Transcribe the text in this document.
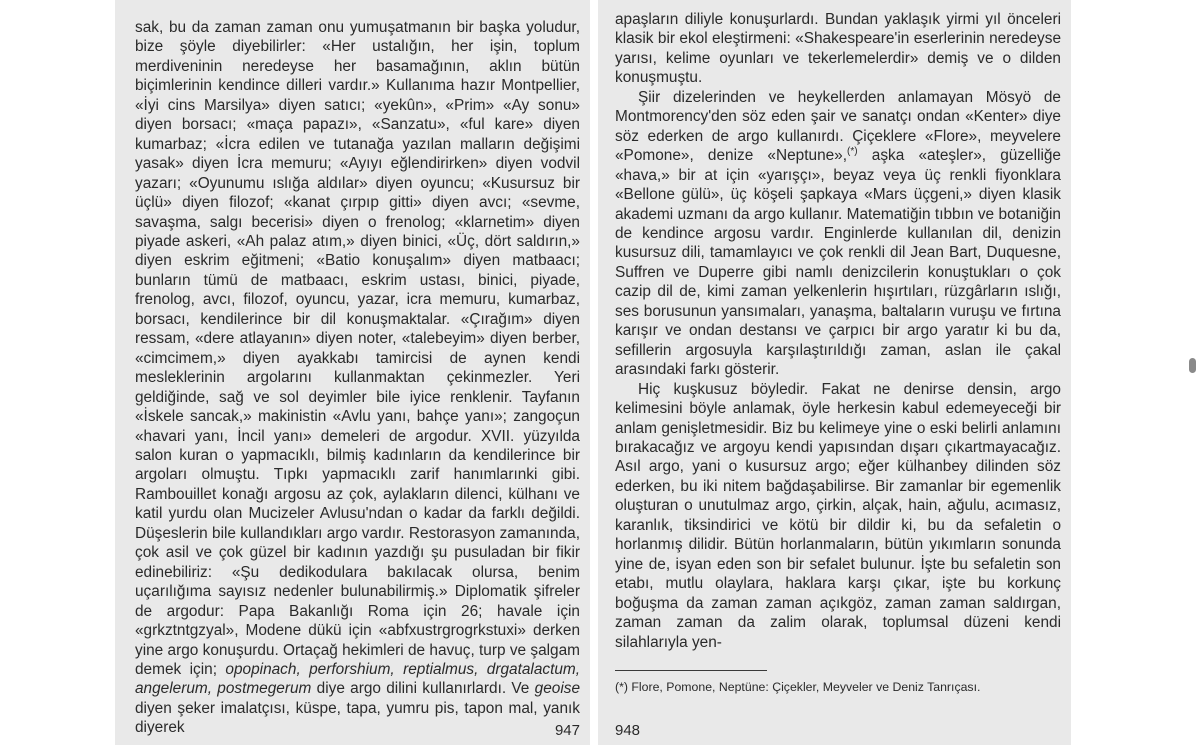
sak, bu da zaman zaman onu yumuşatmanın bir başka yoludur, bize şöyle diyebilirler: «Her ustalığın, her işin, toplum merdiveninin neredeyse her basamağının, aklın bütün biçimlerinin kendince dilleri vardır.» Kullanıma hazır Montpellier, «İyi cins Marsilya» diyen satıcı; «yekûn», «Prim» «Ay sonu» diyen borsacı; «maça papazı», «Sanzatu», «ful kare» diyen kumarbaz; «İcra edilen ve tutanağa yazılan malların değişimi yasak» diyen İcra memuru; «Ayıyı eğlendirirken» diyen vodvil yazarı; «Oyunumu ıslığa aldılar» diyen oyuncu; «Kusursuz bir üçlü» diyen filozof; «kanat çırpıp gitti» diyen avcı; «sevme, savaşma, salgı becerisi» diyen o frenolog; «klarnetim» diyen piyade askeri, «Ah palaz atım,» diyen binici, «Üç, dört saldırın,» diyen eskrim eğitmeni; «Batio konuşalım» diyen matbaacı; bunların tümü de matbaacı, eskrim ustası, binici, piyade, frenolog, avcı, filozof, oyuncu, yazar, icra memuru, kumarbaz, borsacı, kendilerince bir dil konuşmaktalar. «Çırağım» diyen ressam, «dere atlayanın» diyen noter, «talebeyim» diyen berber, «cimcimem,» diyen ayakkabı tamircisi de aynen kendi mesleklerinin argolarını kullanmaktan çekinmezler. Yeri geldiğinde, sağ ve sol deyimler bile iyice renklenir. Tayfanın «İskele sancak,» makinistin «Avlu yanı, bahçe yanı»; zangoçun «havari yanı, İncil yanı» demeleri de argodur. XVII. yüzyılda salon kuran o yapmacıklı, bilmiş kadınların da kendilerince bir argoları olmuştu. Tıpkı yapmacıklı zarif hanımlarınki gibi. Rambouillet konağı argosu az çok, aylakların dilenci, külhanı ve katil yurdu olan Mucizeler Avlusu'ndan o kadar da farklı değildi. Düşeslerin bile kullandıkları argo vardır. Restorasyon zamanında, çok asil ve çok güzel bir kadının yazdığı şu pusuladan bir fikir edinebiliriz: «Şu dedikodulara bakılacak olursa, benim uçarılığıma sayısız nedenler bulunabilirmiş.» Diplomatik şifreler de argodur: Papa Bakanlığı Roma için 26; havale için «grkztntgzyal», Modene dükü için «abfxustrgrogrkstuxi» derken yine argo konuşurdu. Ortaçağ hekimleri de havuç, turp ve şalgam demek için; opopinach, perforshium, reptialmus, drgatalactum, angelerum, postmegerum diye argo dilini kullanırlardı. Ve geoise diyen şeker imalatçısı, küspe, tapa, yumru pis, tapon mal, yanık diyerek	947

apaşların diliyle konuşurlardı. Bundan yaklaşık yirmi yıl önceleri klasik bir ekol eleştirmeni: «Shakespeare'in eserlerinin neredeyse yarısı, kelime oyunları ve tekerlemelerdir» demiş ve o dilden konuşmuştu.

Şiir dizelerinden ve heykellerden anlamayan Mösyö de Montmorency'den söz eden şair ve sanatçı ondan «Kenter» diye söz ederken de argo kullanırdı. Çiçeklere «Flore», meyvelere «Pomone», denize «Neptune»,(*) aşka «ateşler», güzelliğe «hava,» bir at için «yarışçı», beyaz veya üç renkli fiyonklara «Bellone gülü», üç köşeli şapkaya «Mars üçgeni,» diyen klasik akademi uzmanı da argo kullanır. Matematiğin tıbbın ve botaniğin de kendince argosu vardır. Enginlerde kullanılan dil, denizin kusursuz dili, tamamlayıcı ve çok renkli dil Jean Bart, Duquesne, Suffren ve Duperre gibi namlı denizcilerin konuştukları o çok cazip dil de, kimi zaman yelkenlerin hışırtıları, rüzgârların ıslığı, ses borusunun yansımaları, yanaşma, baltaların vuruşu ve fırtına karışır ve ondan destansı ve çarpıcı bir argo yaratır ki bu da, sefillerin argosuyla karşılaştırıldığı zaman, aslan ile çakal arasındaki farkı gösterir.

Hiç kuşkusuz böyledir. Fakat ne denirse densin, argo kelimesini böyle anlamak, öyle herkesin kabul edemeyeceği bir anlam genişletmesidir. Biz bu kelimeye yine o eski belirli anlamını bırakacağız ve argoyu kendi yapısından dışarı çıkartmayacağız. Asıl argo, yani o kusursuz argo; eğer külhanbey dilinden söz ederken, bu iki nitem bağdaşabilirse. Bir zamanlar bir egemenlik oluşturan o unutulmaz argo, çirkin, alçak, hain, ağulu, acımasız, karanlık, tiksindirici ve kötü bir dildir ki, bu da sefaletin o horlanmış dilidir. Bütün horlanmaların, bütün yıkımların sonunda yine de, isyan eden son bir sefalet bulunur. İşte bu sefaletin son etabı, mutlu olaylara, haklara karşı çıkar, işte bu korkunç boğuşma da zaman zaman açıkgöz, zaman zaman saldırgan, zaman zaman da zalim olarak, toplumsal düzeni kendi silahlarıyla yen-

(*) Flore, Pomone, Neptüne: Çiçekler, Meyveler ve Deniz Tanrıçası.
948
